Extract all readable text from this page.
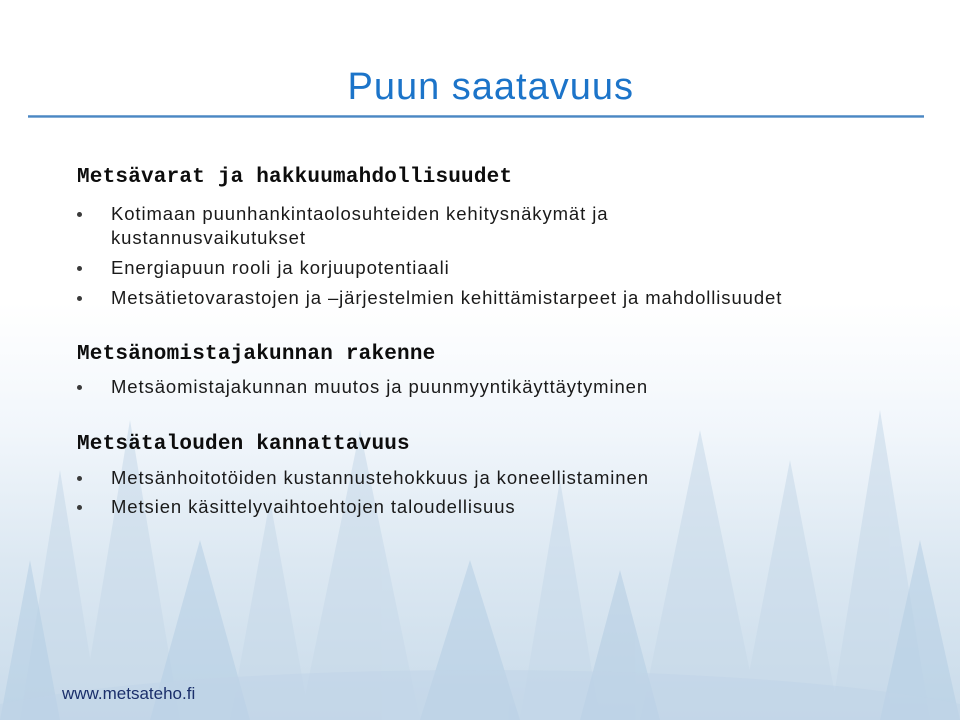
Puun saatavuus
Metsävarat ja hakkuumahdollisuudet
Kotimaan puunhankintaolosuhteiden kehitysnäkymät ja
kustannusvaikutukset
Energiapuun rooli ja korjuupotentiaali
Metsätietovarastojen ja –järjestelmien kehittämistarpeet ja mahdollisuudet
Metsänomistajakunnan rakenne
Metsäomistajakunnan muutos ja puunmyyntikäyttäytyminen
Metsätalouden kannattavuus
Metsänhoitotöiden kustannustehokkuus ja koneellistaminen
Metsien käsittelyvaihtoehtojen taloudellisuus
www.metsateho.fi
